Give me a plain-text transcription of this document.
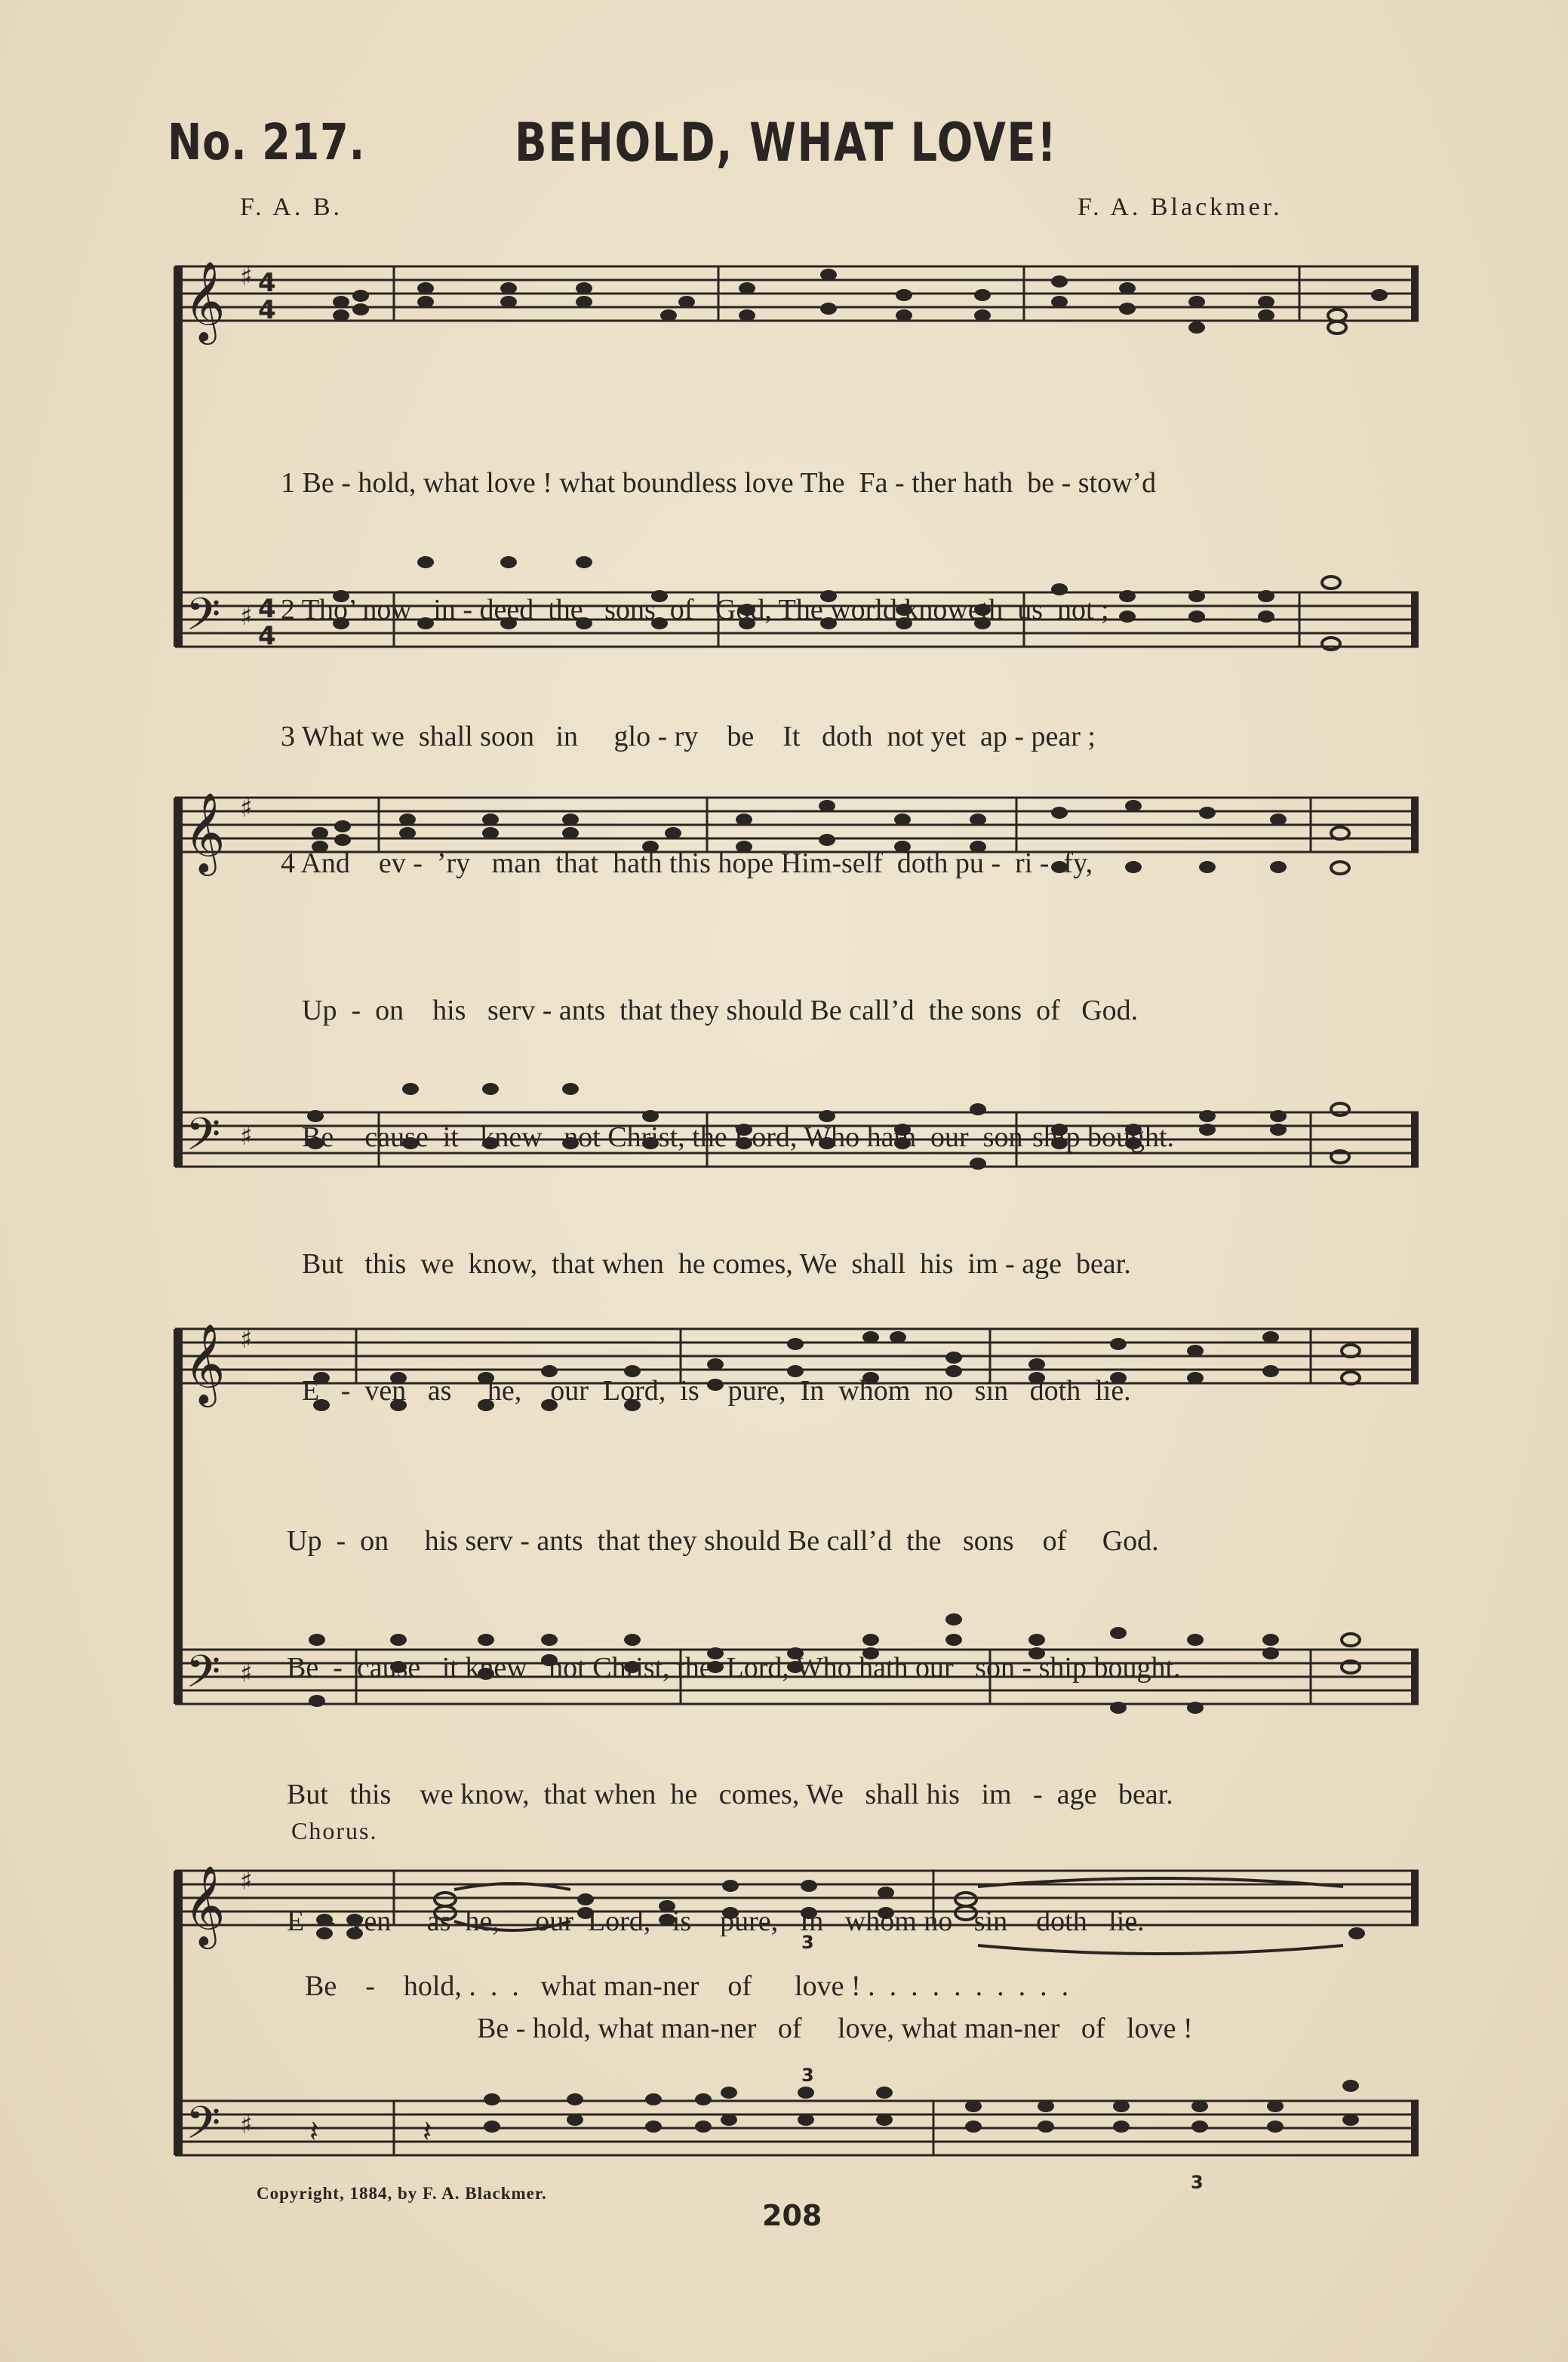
No. 217.	BEHOLD, WHAT LOVE!
F. A. B.	F. A. Blackmer.
𝄞
𝄞
𝄞
𝄞
𝄢
𝄢
𝄢
𝄢
♯
♯
♯
♯
♯
♯
♯
♯
4
4
4
4
𝄽	𝄽
3
3
3

1 Be - hold, what love ! what boundless love The  Fa - ther hath  be - stow’d

2 Tho’ now   in - deed  the   sons  of   God, The world knoweth  us  not ;

3 What we  shall soon   in     glo - ry    be    It   doth  not yet  ap - pear ;

4 And    ev -  ’ry   man  that  hath this hope Him-self  doth pu -  ri -  fy,

Up  -  on    his   serv - ants  that they should Be call’d  the sons  of   God.

Be -  cause  it   knew   not Christ, the Lord, Who hath  our  son-ship bought.

But   this  we  know,  that when  he comes, We  shall  his  im - age  bear.

E   -  ven   as     he,    our  Lord,  is    pure,  In  whom  no   sin   doth  lie.

Up  -  on     his serv - ants  that they should Be call’d  the   sons    of     God.

Be  -  cause   it knew   not Christ, the  Lord, Who hath our   son - ship bought.

But   this    we know,  that when  he   comes, We   shall his   im   -  age   bear.

E   -  ven     as  he,     our  Lord,   is    pure,   In   whom no   sin    doth   lie.

Chorus.
Be    -    hold, .  .  .   what man-ner    of      love ! .  .  .  .  .  .  .  .  .  .
Be - hold, what man-ner   of     love, what man-ner   of   love !
Copyright, 1884, by F. A. Blackmer.
208
